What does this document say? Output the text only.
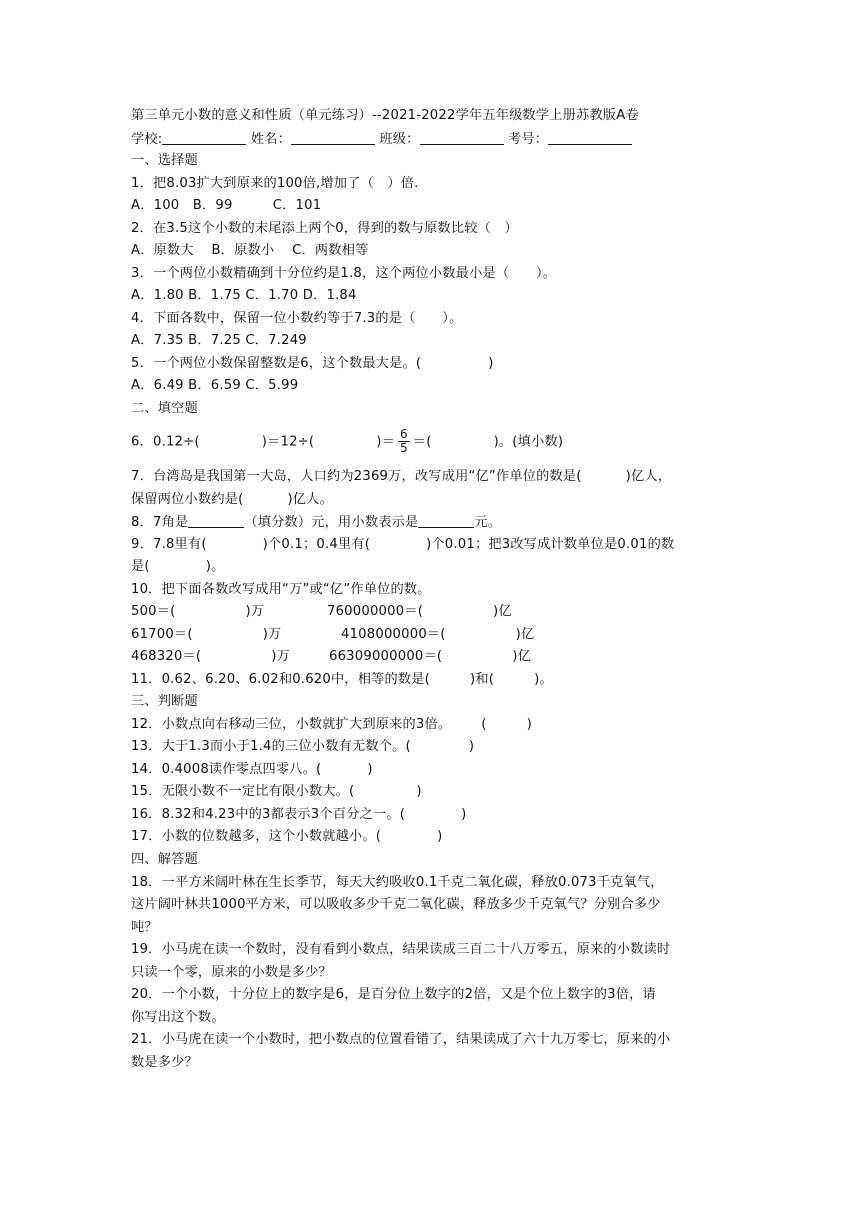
第三单元小数的意义和性质（单元练习）--2021-2022学年五年级数学上册苏教版A卷
学校:	姓名：	班级：	考号：
一、选择题
1．把8.03扩大到原来的100倍,增加了（　）倍.
A．100　B．99　　　C．101
2．在3.5这个小数的末尾添上两个0，得到的数与原数比较（　）
A．原数大　 B．原数小　 C．两数相等
3．一个两位小数精确到十分位约是1.8，这个两位小数最小是（　　）。
A．1.80 B．1.75 C．1.70 D．1.84
4．下面各数中，保留一位小数约等于7.3的是（　　）。
A．7.35 B．7.25 C．7.249
5．一个两位小数保留整数是6，这个数最大是。(　　　　　)
A．6.49 B．6.59 C．5.99
二、填空题
6．0.12÷(	)＝12÷(	)＝ $\frac{6}{5}$ ＝(	)。(填小数)
7．台湾岛是我国第一大岛，人口约为2369万，改写成用“亿”作单位的数是(	)亿人，
保留两位小数约是(	)亿人。
8．7角是	（填分数）元，用小数表示是	元。
9．7.8里有(	)个0.1；0.4里有(	)个0.01；把3改写成计数单位是0.01的数
是(	)。
10．把下面各数改写成用“万”或“亿”作单位的数。
500＝(	)万	760000000＝(	)亿
61700＝(	)万	4108000000＝(	)亿
468320＝(	)万	66309000000＝(	)亿
11．0.62、6.20、6.02和0.620中，相等的数是(	)和(	)。
三、判断题
12．小数点向右移动三位，小数就扩大到原来的3倍。 (	)
13．大于1.3而小于1.4的三位小数有无数个。(	)
14．0.4008读作零点四零八。(	)
15．无限小数不一定比有限小数大。(	)
16．8.32和4.23中的3都表示3个百分之一。(	)
17．小数的位数越多，这个小数就越小。(	)
四、解答题
18．一平方米阔叶林在生长季节，每天大约吸收0.1千克二氧化碳，释放0.073千克氧气，
这片阔叶林共1000平方米，可以吸收多少千克二氧化碳，释放多少千克氧气？分别合多少
吨？
19．小马虎在读一个数时，没有看到小数点，结果读成三百二十八万零五，原来的小数读时
只读一个零，原来的小数是多少？
20．一个小数，十分位上的数字是6，是百分位上数字的2倍，又是个位上数字的3倍，请
你写出这个数。
21．小马虎在读一个小数时，把小数点的位置看错了，结果读成了六十九万零七，原来的小
数是多少？
